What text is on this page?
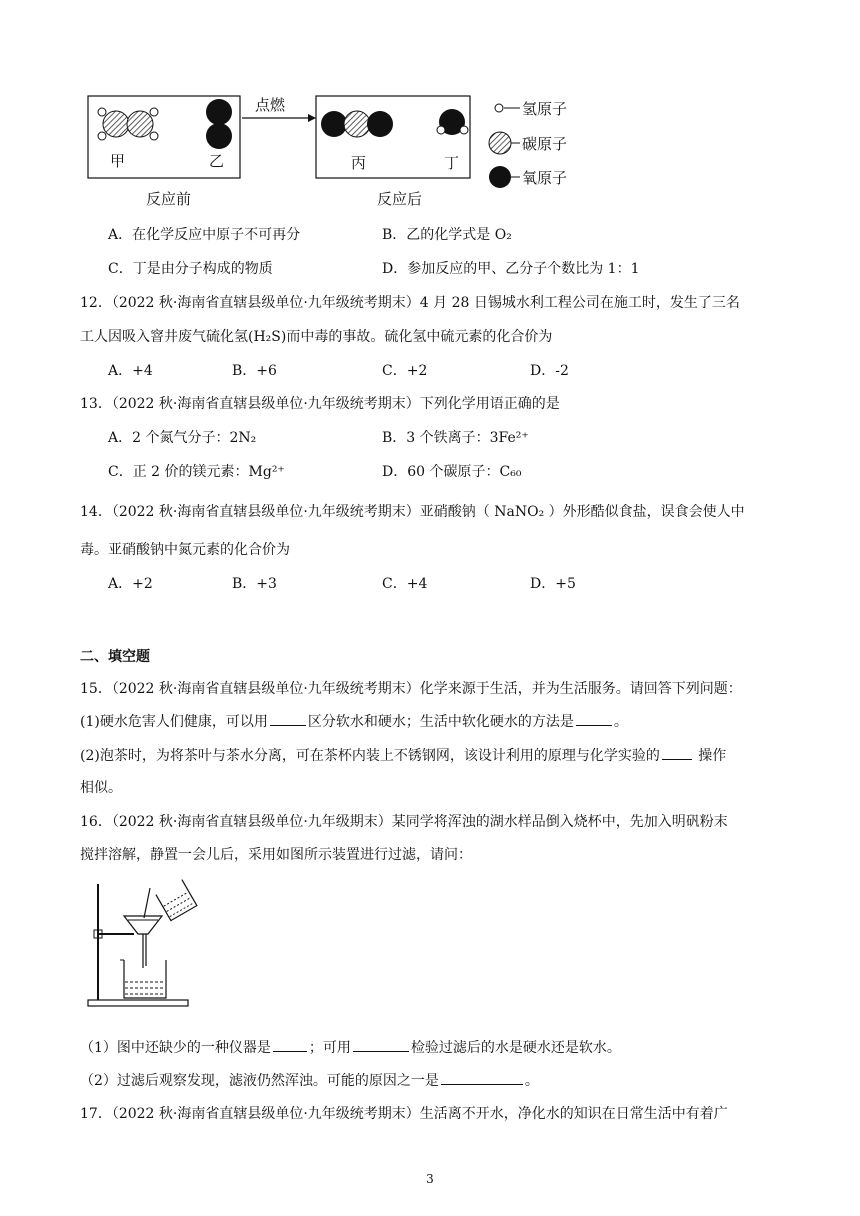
甲	乙
点燃
丙	丁
反应前	反应后
氢原子
碳原子
氧原子
A．在化学反应中原子不可再分	B．乙的化学式是 O₂
C．丁是由分子构成的物质	D．参加反应的甲、乙分子个数比为 1：1
12．（2022 秋·海南省直辖县级单位·九年级统考期末）4 月 28 日锡城水利工程公司在施工时，发生了三名
工人因吸入窨井废气硫化氢(H₂S)而中毒的事故。硫化氢中硫元素的化合价为
A．+4	B．+6	C．+2	D．-2
13．（2022 秋·海南省直辖县级单位·九年级统考期末）下列化学用语正确的是
A．2 个氮气分子：2N₂	B．3 个铁离子：3Fe²⁺
C．正 2 价的镁元素：Mg²⁺	D．60 个碳原子：C₆₀
14．（2022 秋·海南省直辖县级单位·九年级统考期末）亚硝酸钠（ NaNO₂ ）外形酷似食盐，误食会使人中
毒。亚硝酸钠中氮元素的化合价为
A．+2	B．+3	C．+4	D．+5
二、填空题
15．（2022 秋·海南省直辖县级单位·九年级统考期末）化学来源于生活，并为生活服务。请回答下列问题：
(1)硬水危害人们健康，可以用	区分软水和硬水；生活中软化硬水的方法是	。
(2)泡茶时，为将茶叶与茶水分离，可在茶杯内装上不锈钢网，该设计利用的原理与化学实验的 操作
相似。
16．（2022 秋·海南省直辖县级单位·九年级期末）某同学将浑浊的湖水样品倒入烧杯中，先加入明矾粉末
搅拌溶解，静置一会儿后，采用如图所示装置进行过滤，请问：
（1）图中还缺少的一种仪器是	；可用	检验过滤后的水是硬水还是软水。
（2）过滤后观察发现，滤液仍然浑浊。可能的原因之一是	。
17．（2022 秋·海南省直辖县级单位·九年级统考期末）生活离不开水，净化水的知识在日常生活中有着广
3
